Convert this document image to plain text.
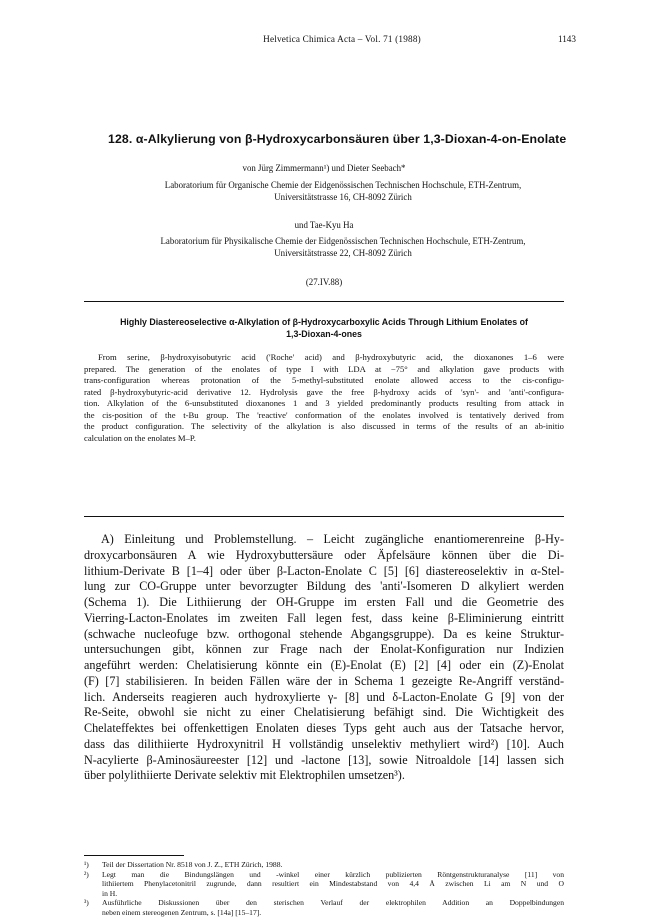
Helvetica Chimica Acta – Vol. 71 (1988)	1143
128. α-Alkylierung von β-Hydroxycarbonsäuren über 1,3-Dioxan-4-on-Enolate
von Jürg Zimmermann¹) und Dieter Seebach*
Laboratorium für Organische Chemie der Eidgenössischen Technischen Hochschule, ETH-Zentrum,
Universitätstrasse 16, CH-8092 Zürich
und Tae-Kyu Ha
Laboratorium für Physikalische Chemie der Eidgenössischen Technischen Hochschule, ETH-Zentrum,
Universitätstrasse 22, CH-8092 Zürich
(27.IV.88)
Highly Diastereoselective α-Alkylation of β-Hydroxycarboxylic Acids Through Lithium Enolates of
1,3-Dioxan-4-ones
From serine, β-hydroxyisobutyric acid ('Roche' acid) and β-hydroxybutyric acid, the dioxanones 1–6 were
prepared. The generation of the enolates of type I with LDA at −75° and alkylation gave products with
trans-configuration whereas protonation of the 5-methyl-substituted enolate allowed access to the cis-configu-
rated β-hydroxybutyric-acid derivative 12. Hydrolysis gave the free β-hydroxy acids of 'syn'- and 'anti'-configura-
tion. Alkylation of the 6-unsubstituted dioxanones 1 and 3 yielded predominantly products resulting from attack in
the cis-position of the t-Bu group. The 'reactive' conformation of the enolates involved is tentatively derived from
the product configuration. The selectivity of the alkylation is also discussed in terms of the results of an ab-initio
calculation on the enolates M–P.
A) Einleitung und Problemstellung. – Leicht zugängliche enantiomerenreine β-Hy-
droxycarbonsäuren A wie Hydroxybuttersäure oder Äpfelsäure können über die Di-
lithium-Derivate B [1–4] oder über β-Lacton-Enolate C [5] [6] diastereoselektiv in α-Stel-
lung zur CO-Gruppe unter bevorzugter Bildung des 'anti'-Isomeren D alkyliert werden
(Schema 1). Die Lithiierung der OH-Gruppe im ersten Fall und die Geometrie des
Vierring-Lacton-Enolates im zweiten Fall legen fest, dass keine β-Eliminierung eintritt
(schwache nucleofuge bzw. orthogonal stehende Abgangsgruppe). Da es keine Struktur-
untersuchungen gibt, können zur Frage nach der Enolat-Konfiguration nur Indizien
angeführt werden: Chelatisierung könnte ein (E)-Enolat (E) [2] [4] oder ein (Z)-Enolat
(F) [7] stabilisieren. In beiden Fällen wäre der in Schema 1 gezeigte Re-Angriff verständ-
lich. Anderseits reagieren auch hydroxylierte γ- [8] und δ-Lacton-Enolate G [9] von der
Re-Seite, obwohl sie nicht zu einer Chelatisierung befähigt sind. Die Wichtigkeit des
Chelateffektes bei offenkettigen Enolaten dieses Typs geht auch aus der Tatsache hervor,
dass das dilithiierte Hydroxynitril H vollständig unselektiv methyliert wird²) [10]. Auch
N-acylierte β-Aminosäureester [12] und -lactone [13], sowie Nitroaldole [14] lassen sich
über polylithiierte Derivate selektiv mit Elektrophilen umsetzen³).
¹)	Teil der Dissertation Nr. 8518 von J. Z., ETH Zürich, 1988.
²)	Legt man die Bindungslängen und -winkel einer kürzlich publizierten Röntgenstrukturanalyse [11] von
lithiiertem Phenylacetonitril zugrunde, dann resultiert ein Mindestabstand von 4,4 Å zwischen Li am N und O
in H.
³)	Ausführliche Diskussionen über den sterischen Verlauf der elektrophilen Addition an Doppelbindungen
neben einem stereogenen Zentrum, s. [14a] [15–17].
